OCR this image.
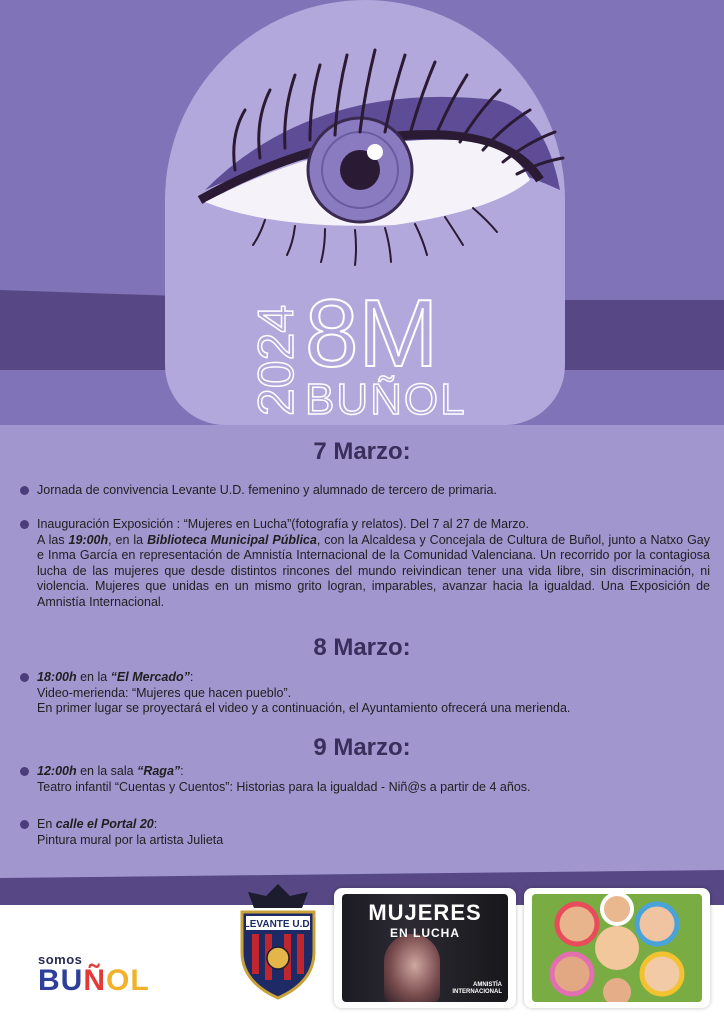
8M
BUÑOL
2024
7 Marzo:
Jornada de convivencia Levante U.D. femenino y alumnado de tercero de primaria.
Inauguración Exposición : “Mujeres en Lucha”(fotografía y relatos). Del 7 al 27 de Marzo.
A las 19:00h, en la Biblioteca Municipal Pública, con la Alcaldesa y Concejala de Cultura de Buñol, junto a Natxo Gay e Inma García en representación de Amnistía Internacional de la Comunidad Valenciana. Un recorrido por la contagiosa lucha de las mujeres que desde distintos rincones del mundo reivindican tener una vida libre, sin discriminación, ni violencia. Mujeres que unidas en un mismo grito logran, imparables, avanzar hacia la igualdad. Una Exposición de Amnistía Internacional.
8 Marzo:
18:00h en la “El Mercado”:
Video-merienda: “Mujeres que hacen pueblo”.
En primer lugar se proyectará el video y a continuación, el Ayuntamiento ofrecerá una merienda.
9 Marzo:
12:00h en la sala “Raga”:
Teatro infantil “Cuentas y Cuentos”: Historias para la igualdad - Niñ@s a partir de 4 años.
En calle el Portal 20:
Pintura mural por la artista Julieta
somos
BUÑOL
LEVANTE U.D.	MUJERES
EN LUCHA
AMNISTÍA
INTERNACIONAL
